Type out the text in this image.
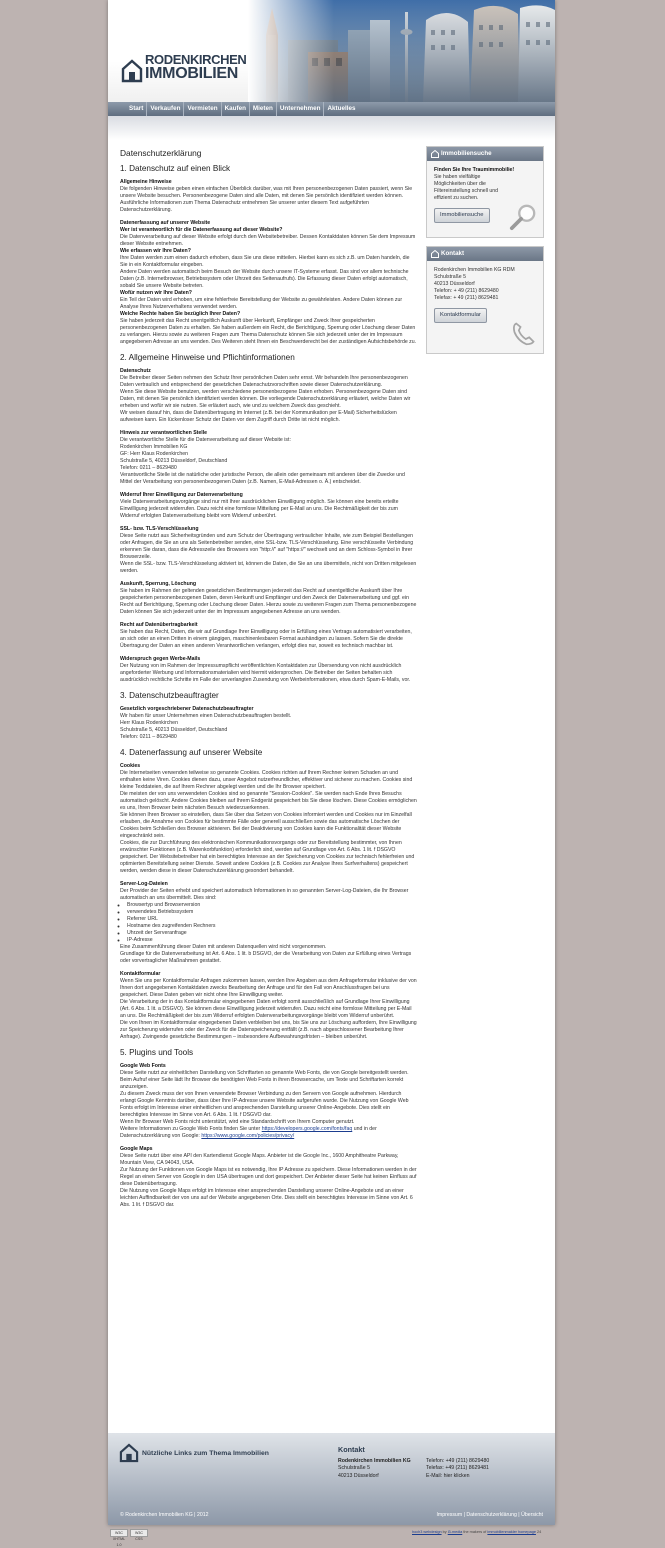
RODENKIRCHEN
IMMOBILIEN
Start	Verkaufen	Vermieten	Kaufen	Mieten	Unternehmen	Aktuelles
Datenschutzerklärung
1. Datenschutz auf einen Blick

Allgemeine Hinweise

Die folgenden Hinweise geben einen einfachen Überblick darüber, was mit Ihren personenbezogenen Daten passiert, wenn Sie unsere Website besuchen. Personenbezogene Daten sind alle Daten, mit denen Sie persönlich identifiziert werden können. Ausführliche Informationen zum Thema Datenschutz entnehmen Sie unserer unter diesem Text aufgeführten Datenschutzerklärung.

Datenerfassung auf unserer Website

Wer ist verantwortlich für die Datenerfassung auf dieser Website?

Die Datenverarbeitung auf dieser Website erfolgt durch den Websitebetreiber. Dessen Kontaktdaten können Sie dem Impressum dieser Website entnehmen.

Wie erfassen wir Ihre Daten?

Ihre Daten werden zum einen dadurch erhoben, dass Sie uns diese mitteilen. Hierbei kann es sich z.B. um Daten handeln, die Sie in ein Kontaktformular eingeben.

Andere Daten werden automatisch beim Besuch der Website durch unsere IT-Systeme erfasst. Das sind vor allem technische Daten (z.B. Internetbrowser, Betriebssystem oder Uhrzeit des Seitenaufrufs). Die Erfassung dieser Daten erfolgt automatisch, sobald Sie unsere Website betreten.

Wofür nutzen wir Ihre Daten?

Ein Teil der Daten wird erhoben, um eine fehlerfreie Bereitstellung der Website zu gewährleisten. Andere Daten können zur Analyse Ihres Nutzerverhaltens verwendet werden.

Welche Rechte haben Sie bezüglich Ihrer Daten?

Sie haben jederzeit das Recht unentgeltlich Auskunft über Herkunft, Empfänger und Zweck Ihrer gespeicherten personenbezogenen Daten zu erhalten. Sie haben außerdem ein Recht, die Berichtigung, Sperrung oder Löschung dieser Daten zu verlangen. Hierzu sowie zu weiteren Fragen zum Thema Datenschutz können Sie sich jederzeit unter der im Impressum angegebenen Adresse an uns wenden. Des Weiteren steht Ihnen ein Beschwerderecht bei der zuständigen Aufsichtsbehörde zu.

2. Allgemeine Hinweise und Pflichtinformationen

Datenschutz

Die Betreiber dieser Seiten nehmen den Schutz Ihrer persönlichen Daten sehr ernst. Wir behandeln Ihre personenbezogenen Daten vertraulich und entsprechend der gesetzlichen Datenschutzvorschriften sowie dieser Datenschutzerklärung.

Wenn Sie diese Website benutzen, werden verschiedene personenbezogene Daten erhoben. Personenbezogene Daten sind Daten, mit denen Sie persönlich identifiziert werden können. Die vorliegende Datenschutzerklärung erläutert, welche Daten wir erheben und wofür wir sie nutzen. Sie erläutert auch, wie und zu welchem Zweck das geschieht.

Wir weisen darauf hin, dass die Datenübertragung im Internet (z.B. bei der Kommunikation per E-Mail) Sicherheitslücken aufweisen kann. Ein lückenloser Schutz der Daten vor dem Zugriff durch Dritte ist nicht möglich.

Hinweis zur verantwortlichen Stelle

Die verantwortliche Stelle für die Datenverarbeitung auf dieser Website ist:

Rodenkirchen Immobilien KG

GF: Herr Klaus Rodenkirchen

Schulstraße 5, 40213 Düsseldorf, Deutschland

Telefon: 0211 – 8629480

Verantwortliche Stelle ist die natürliche oder juristische Person, die allein oder gemeinsam mit anderen über die Zwecke und Mittel der Verarbeitung von personenbezogenen Daten (z.B. Namen, E-Mail-Adressen o. Ä.) entscheidet.

Widerruf Ihrer Einwilligung zur Datenverarbeitung

Viele Datenverarbeitungsvorgänge sind nur mit Ihrer ausdrücklichen Einwilligung möglich. Sie können eine bereits erteilte Einwilligung jederzeit widerrufen. Dazu reicht eine formlose Mitteilung per E-Mail an uns. Die Rechtmäßigkeit der bis zum Widerruf erfolgten Datenverarbeitung bleibt vom Widerruf unberührt.

SSL- bzw. TLS-Verschlüsselung

Diese Seite nutzt aus Sicherheitsgründen und zum Schutz der Übertragung vertraulicher Inhalte, wie zum Beispiel Bestellungen oder Anfragen, die Sie an uns als Seitenbetreiber senden, eine SSL-bzw. TLS-Verschlüsselung. Eine verschlüsselte Verbindung erkennen Sie daran, dass die Adresszeile des Browsers von "http://" auf "https://" wechselt und an dem Schloss-Symbol in Ihrer Browserzeile.

Wenn die SSL- bzw. TLS-Verschlüsselung aktiviert ist, können die Daten, die Sie an uns übermitteln, nicht von Dritten mitgelesen werden.

Auskunft, Sperrung, Löschung

Sie haben im Rahmen der geltenden gesetzlichen Bestimmungen jederzeit das Recht auf unentgeltliche Auskunft über Ihre gespeicherten personenbezogenen Daten, deren Herkunft und Empfänger und den Zweck der Datenverarbeitung und ggf. ein Recht auf Berichtigung, Sperrung oder Löschung dieser Daten. Hierzu sowie zu weiteren Fragen zum Thema personenbezogene Daten können Sie sich jederzeit unter der im Impressum angegebenen Adresse an uns wenden.

Recht auf Datenübertragbarkeit

Sie haben das Recht, Daten, die wir auf Grundlage Ihrer Einwilligung oder in Erfüllung eines Vertrags automatisiert verarbeiten, an sich oder an einen Dritten in einem gängigen, maschinenlesbaren Format aushändigen zu lassen. Sofern Sie die direkte Übertragung der Daten an einen anderen Verantwortlichen verlangen, erfolgt dies nur, soweit es technisch machbar ist.

Widerspruch gegen Werbe-Mails

Der Nutzung von im Rahmen der Impressumspflicht veröffentlichten Kontaktdaten zur Übersendung von nicht ausdrücklich angeforderter Werbung und Informationsmaterialien wird hiermit widersprochen. Die Betreiber der Seiten behalten sich ausdrücklich rechtliche Schritte im Falle der unverlangten Zusendung von Werbeinformationen, etwa durch Spam-E-Mails, vor.

3. Datenschutzbeauftragter

Gesetzlich vorgeschriebener Datenschutzbeauftragter

Wir haben für unser Unternehmen einen Datenschutzbeauftragten bestellt.

Herr Klaus Rodenkirchen

Schulstraße 5, 40213 Düsseldorf, Deutschland

Telefon: 0211 – 8629480

4. Datenerfassung auf unserer Website

Cookies

Die Internetseiten verwenden teilweise so genannte Cookies. Cookies richten auf Ihrem Rechner keinen Schaden an und enthalten keine Viren. Cookies dienen dazu, unser Angebot nutzerfreundlicher, effektiver und sicherer zu machen. Cookies sind kleine Textdateien, die auf Ihrem Rechner abgelegt werden und die Ihr Browser speichert.

Die meisten der von uns verwendeten Cookies sind so genannte "Session-Cookies". Sie werden nach Ende Ihres Besuchs automatisch gelöscht. Andere Cookies bleiben auf Ihrem Endgerät gespeichert bis Sie diese löschen. Diese Cookies ermöglichen es uns, Ihren Browser beim nächsten Besuch wiederzuerkennen.

Sie können Ihren Browser so einstellen, dass Sie über das Setzen von Cookies informiert werden und Cookies nur im Einzelfall erlauben, die Annahme von Cookies für bestimmte Fälle oder generell ausschließen sowie das automatische Löschen der Cookies beim Schließen des Browser aktivieren. Bei der Deaktivierung von Cookies kann die Funktionalität dieser Website eingeschränkt sein.

Cookies, die zur Durchführung des elektronischen Kommunikationsvorgangs oder zur Bereitstellung bestimmter, von Ihnen erwünschter Funktionen (z.B. Warenkorbfunktion) erforderlich sind, werden auf Grundlage von Art. 6 Abs. 1 lit. f DSGVO gespeichert. Der Websitebetreiber hat ein berechtigtes Interesse an der Speicherung von Cookies zur technisch fehlerfreien und optimierten Bereitstellung seiner Dienste. Soweit andere Cookies (z.B. Cookies zur Analyse Ihres Surfverhaltens) gespeichert werden, werden diese in dieser Datenschutzerklärung gesondert behandelt.

Server-Log-Dateien

Der Provider der Seiten erhebt und speichert automatisch Informationen in so genannten Server-Log-Dateien, die Ihr Browser automatisch an uns übermittelt. Dies sind:

◦ Browsertyp und Browserversion
◦ verwendetes Betriebssystem
◦ Referrer URL
◦ Hostname des zugreifenden Rechners
◦ Uhrzeit der Serveranfrage
◦ IP-Adresse

Eine Zusammenführung dieser Daten mit anderen Datenquellen wird nicht vorgenommen.

Grundlage für die Datenverarbeitung ist Art. 6 Abs. 1 lit. b DSGVO, der die Verarbeitung von Daten zur Erfüllung eines Vertrags oder vorvertraglicher Maßnahmen gestattet.

Kontaktformular

Wenn Sie uns per Kontaktformular Anfragen zukommen lassen, werden Ihre Angaben aus dem Anfrageformular inklusive der von Ihnen dort angegebenen Kontaktdaten zwecks Bearbeitung der Anfrage und für den Fall von Anschlussfragen bei uns gespeichert. Diese Daten geben wir nicht ohne Ihre Einwilligung weiter.

Die Verarbeitung der in das Kontaktformular eingegebenen Daten erfolgt somit ausschließlich auf Grundlage Ihrer Einwilligung (Art. 6 Abs. 1 lit. a DSGVO). Sie können diese Einwilligung jederzeit widerrufen. Dazu reicht eine formlose Mitteilung per E-Mail an uns. Die Rechtmäßigkeit der bis zum Widerruf erfolgten Datenverarbeitungsvorgänge bleibt vom Widerruf unberührt.

Die von Ihnen im Kontaktformular eingegebenen Daten verbleiben bei uns, bis Sie uns zur Löschung auffordern, Ihre Einwilligung zur Speicherung widerrufen oder der Zweck für die Datenspeicherung entfällt (z.B. nach abgeschlossener Bearbeitung Ihrer Anfrage). Zwingende gesetzliche Bestimmungen – insbesondere Aufbewahrungsfristen – bleiben unberührt.

5. Plugins und Tools

Google Web Fonts

Diese Seite nutzt zur einheitlichen Darstellung von Schriftarten so genannte Web Fonts, die von Google bereitgestellt werden. Beim Aufruf einer Seite lädt Ihr Browser die benötigten Web Fonts in ihren Browsercache, um Texte und Schriftarten korrekt anzuzeigen.

Zu diesem Zweck muss der von Ihnen verwendete Browser Verbindung zu den Servern von Google aufnehmen. Hierdurch erlangt Google Kenntnis darüber, dass über Ihre IP-Adresse unsere Website aufgerufen wurde. Die Nutzung von Google Web Fonts erfolgt im Interesse einer einheitlichen und ansprechenden Darstellung unserer Online-Angebote. Dies stellt ein berechtigtes Interesse im Sinne von Art. 6 Abs. 1 lit. f DSGVO dar.

Wenn Ihr Browser Web Fonts nicht unterstützt, wird eine Standardschrift von Ihrem Computer genutzt.

Weitere Informationen zu Google Web Fonts finden Sie unter https://developers.google.com/fonts/faq und in der Datenschutzerklärung von Google: https://www.google.com/policies/privacy/

Google Maps

Diese Seite nutzt über eine API den Kartendienst Google Maps. Anbieter ist die Google Inc., 1600 Amphitheatre Parkway, Mountain View, CA 94043, USA.

Zur Nutzung der Funktionen von Google Maps ist es notwendig, Ihre IP Adresse zu speichern. Diese Informationen werden in der Regel an einen Server von Google in den USA übertragen und dort gespeichert. Der Anbieter dieser Seite hat keinen Einfluss auf diese Datenübertragung.

Die Nutzung von Google Maps erfolgt im Interesse einer ansprechenden Darstellung unserer Online-Angebote und an einer leichten Auffindbarkeit der von uns auf der Website angegebenen Orte. Dies stellt ein berechtigtes Interesse im Sinne von Art. 6 Abs. 1 lit. f DSGVO dar.

Immobiliensuche

Finden Sie Ihre Traumimmobilie!

Sie haben vielfältige Möglichkeiten über die Filtereinstellung schnell und effizient zu suchen.

Immobiliensuche
Kontakt

Rodenkirchen Immobilien KG RDM

Schulstraße 5

40213 Düsseldorf

Telefon: + 49 (211) 8629480

Telefax: + 49 (211) 8629481

Kontaktformular
Nützliche Links zum Thema Immobilien	Kontakt

Rodenkirchen Immobilien KG

Schulstraße 5

40213 Düsseldorf

Telefon: +49 (211) 8629480

Telefax: +49 (211) 8629481

E-Mail: hier klicken

© Rodenkirchen Immobilien KG | 2012	Impressum | Datenschutzerklärung | Übersicht
W3C XHTML 1.0
W3C CSS
hoch3 webdesign by i3-media the makers of immobilienmakler homepage 24
